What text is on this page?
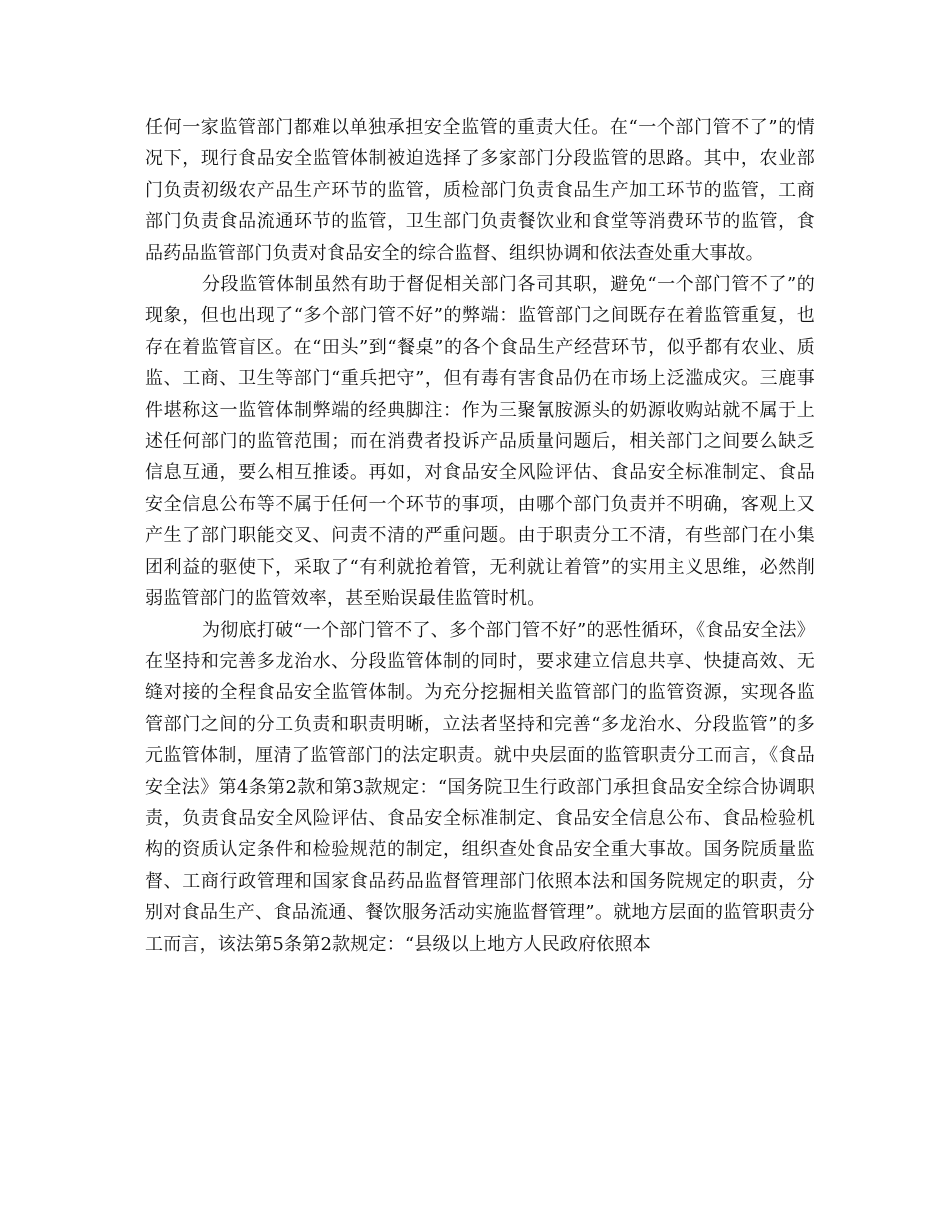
任何一家监管部门都难以单独承担安全监管的重责大任。在“一个部门管不了”的情况下，现行食品安全监管体制被迫选择了多家部门分段监管的思路。其中，农业部门负责初级农产品生产环节的监管，质检部门负责食品生产加工环节的监管，工商部门负责食品流通环节的监管，卫生部门负责餐饮业和食堂等消费环节的监管，食品药品监管部门负责对食品安全的综合监督、组织协调和依法查处重大事故。

分段监管体制虽然有助于督促相关部门各司其职，避免“一个部门管不了”的现象，但也出现了“多个部门管不好”的弊端：监管部门之间既存在着监管重复，也存在着监管盲区。在“田头”到“餐桌”的各个食品生产经营环节，似乎都有农业、质监、工商、卫生等部门“重兵把守”，但有毒有害食品仍在市场上泛滥成灾。三鹿事件堪称这一监管体制弊端的经典脚注：作为三聚氰胺源头的奶源收购站就不属于上述任何部门的监管范围；而在消费者投诉产品质量问题后，相关部门之间要么缺乏信息互通，要么相互推诿。再如，对食品安全风险评估、食品安全标准制定、食品安全信息公布等不属于任何一个环节的事项，由哪个部门负责并不明确，客观上又产生了部门职能交叉、问责不清的严重问题。由于职责分工不清，有些部门在小集团利益的驱使下，采取了“有利就抢着管，无利就让着管”的实用主义思维，必然削弱监管部门的监管效率，甚至贻误最佳监管时机。

为彻底打破“一个部门管不了、多个部门管不好”的恶性循环，《食品安全法》在坚持和完善多龙治水、分段监管体制的同时，要求建立信息共享、快捷高效、无缝对接的全程食品安全监管体制。为充分挖掘相关监管部门的监管资源，实现各监管部门之间的分工负责和职责明晰，立法者坚持和完善“多龙治水、分段监管”的多元监管体制，厘清了监管部门的法定职责。就中央层面的监管职责分工而言，《食品安全法》第4条第2款和第3款规定：“国务院卫生行政部门承担食品安全综合协调职责，负责食品安全风险评估、食品安全标准制定、食品安全信息公布、食品检验机构的资质认定条件和检验规范的制定，组织查处食品安全重大事故。国务院质量监督、工商行政管理和国家食品药品监督管理部门依照本法和国务院规定的职责，分别对食品生产、食品流通、餐饮服务活动实施监督管理”。就地方层面的监管职责分工而言，该法第5条第2款规定：“县级以上地方人民政府依照本
